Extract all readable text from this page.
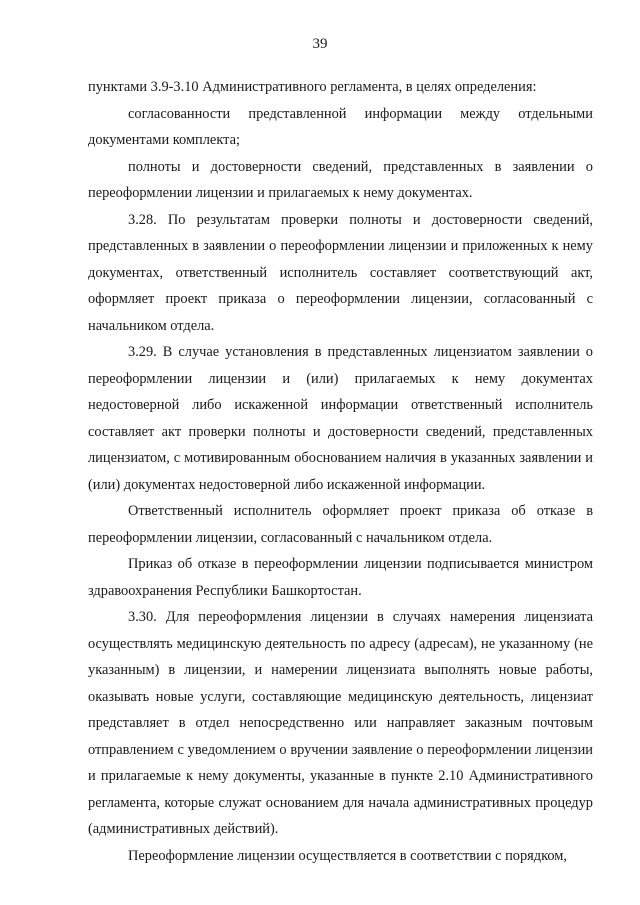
39

пунктами 3.9-3.10 Административного регламента, в целях определения:

согласованности представленной информации между отдельными документами комплекта;

полноты и достоверности сведений, представленных в заявлении о переоформлении лицензии и прилагаемых к нему документах.

3.28. По результатам проверки полноты и достоверности сведений, представленных в заявлении о переоформлении лицензии и приложенных к нему документах, ответственный исполнитель составляет соответствующий акт, оформляет проект приказа о переоформлении лицензии, согласованный с начальником отдела.

3.29. В случае установления в представленных лицензиатом заявлении о переоформлении лицензии и (или) прилагаемых к нему документах недостоверной либо искаженной информации ответственный исполнитель составляет акт проверки полноты и достоверности сведений, представленных лицензиатом, с мотивированным обоснованием наличия в указанных заявлении и (или) документах недостоверной либо искаженной информации.

Ответственный исполнитель оформляет проект приказа об отказе в переоформлении лицензии, согласованный с начальником отдела.

Приказ об отказе в переоформлении лицензии подписывается министром здравоохранения Республики Башкортостан.

3.30. Для переоформления лицензии в случаях намерения лицензиата осуществлять медицинскую деятельность по адресу (адресам), не указанному (не указанным) в лицензии, и намерении лицензиата выполнять новые работы, оказывать новые услуги, составляющие медицинскую деятельность, лицензиат представляет в отдел непосредственно или направляет заказным почтовым отправлением с уведомлением о вручении заявление о переоформлении лицензии и прилагаемые к нему документы, указанные в пункте 2.10 Административного регламента, которые служат основанием для начала административных процедур (административных действий).

Переоформление лицензии осуществляется в соответствии с порядком,
